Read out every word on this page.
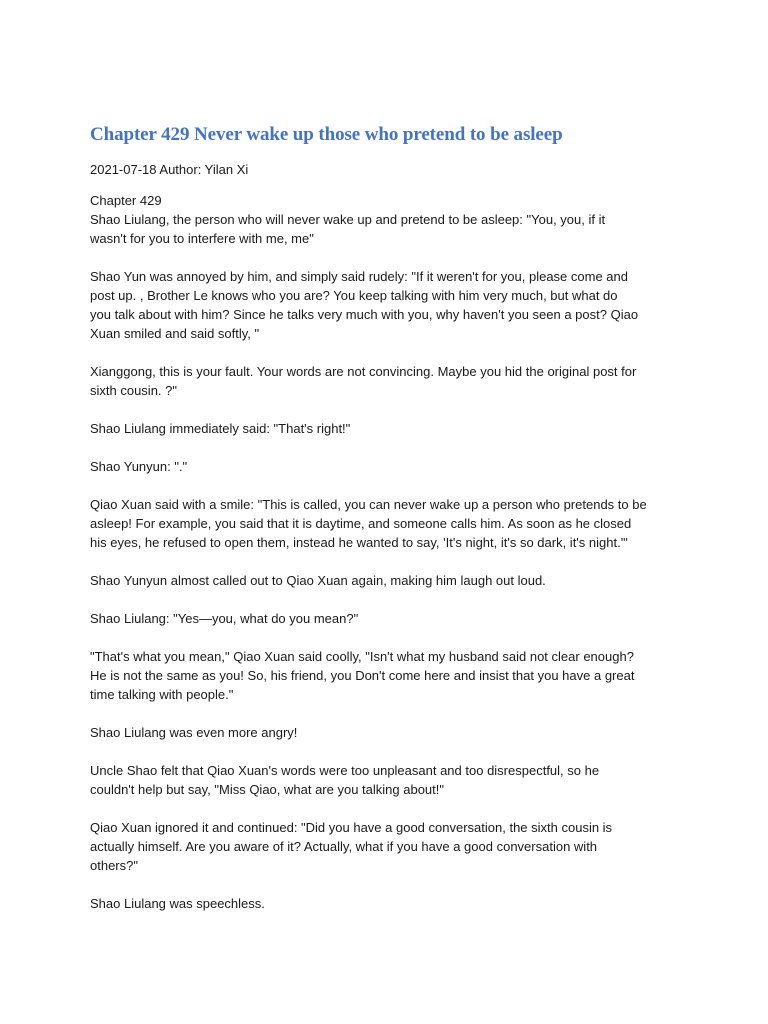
Chapter 429 Never wake up those who pretend to be asleep

2021-07-18 Author: Yilan Xi

Chapter 429
Shao Liulang, the person who will never wake up and pretend to be asleep: "You, you, if it
wasn't for you to interfere with me, me"

Shao Yun was annoyed by him, and simply said rudely: "If it weren't for you, please come and
post up. , Brother Le knows who you are? You keep talking with him very much, but what do
you talk about with him? Since he talks very much with you, why haven't you seen a post? Qiao
Xuan smiled and said softly, "

Xianggong, this is your fault. Your words are not convincing. Maybe you hid the original post for
sixth cousin. ?"

Shao Liulang immediately said: "That's right!"

Shao Yunyun: "."

Qiao Xuan said with a smile: "This is called, you can never wake up a person who pretends to be
asleep! For example, you said that it is daytime, and someone calls him. As soon as he closed
his eyes, he refused to open them, instead he wanted to say, 'It's night, it's so dark, it's night.'"

Shao Yunyun almost called out to Qiao Xuan again, making him laugh out loud.

Shao Liulang: "Yes—you, what do you mean?"

"That's what you mean," Qiao Xuan said coolly, "Isn't what my husband said not clear enough?
He is not the same as you! So, his friend, you Don't come here and insist that you have a great
time talking with people."

Shao Liulang was even more angry!

Uncle Shao felt that Qiao Xuan's words were too unpleasant and too disrespectful, so he
couldn't help but say, "Miss Qiao, what are you talking about!"

Qiao Xuan ignored it and continued: "Did you have a good conversation, the sixth cousin is
actually himself. Are you aware of it? Actually, what if you have a good conversation with
others?"

Shao Liulang was speechless.
